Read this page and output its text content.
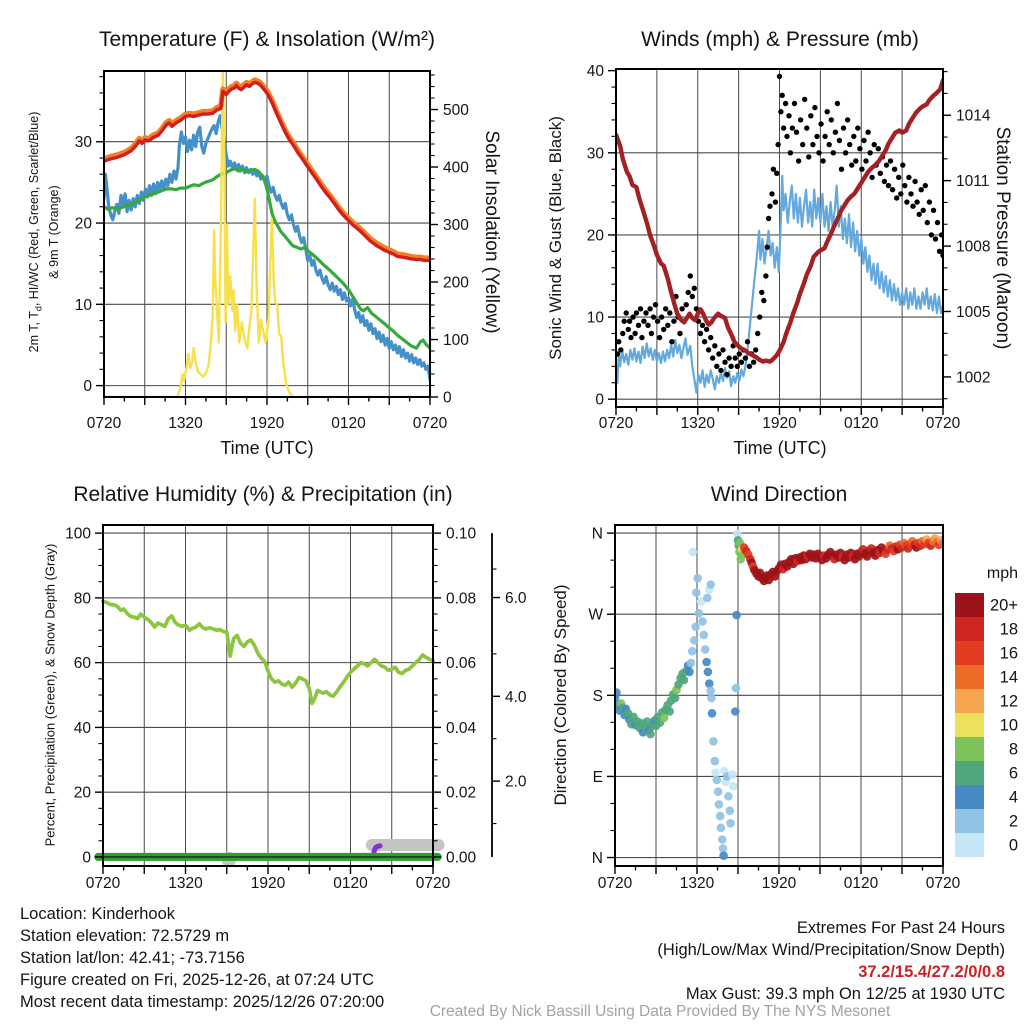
0720	1320	1920	0120	0720
0
10
20
30
0
100
200
300
400
500
0720	1320	1920	0120	0720
0
10
20
30
40
1002
1005
1008
1011
1014
0720	1320	1920	0120	0720
0
20
40
60
80
100
0.00
0.02
0.04
0.06
0.08
0.10
2.0
4.0
6.0
0720	1320	1920	0120	0720
N
E
S
W
N
20+
18
16
14
12
10
8
6
4
2
0
Temperature (F) & Insolation (W/m²)	Winds (mph) & Pressure (mb)
Relative Humidity (%) & Precipitation (in)	Wind Direction
Time (UTC)	Time (UTC)
2m T, $T_d$, HI/WC (Red, Green, Scarlet/Blue) & 9m T (Orange)	Solar Insolation (Yellow)	Sonic Wind & Gust (Blue, Black)	Station Pressure (Maroon)
Percent, Precipitation (Green), & Snow Depth (Gray)	Direction (Colored By Speed)
mph
Location: Kinderhook
Station elevation: 72.5729 m
Station lat/lon: 42.41; -73.7156
Figure created on Fri, 2025-12-26, at 07:24 UTC
Most recent data timestamp: 2025/12/26 07:20:00
Extremes For Past 24 Hours
(High/Low/Max Wind/Precipitation/Snow Depth)
37.2/15.4/27.2/0/0.8
Max Gust: 39.3 mph On 12/25 at 1930 UTC
Created By Nick Bassill Using Data Provided By The NYS Mesonet
